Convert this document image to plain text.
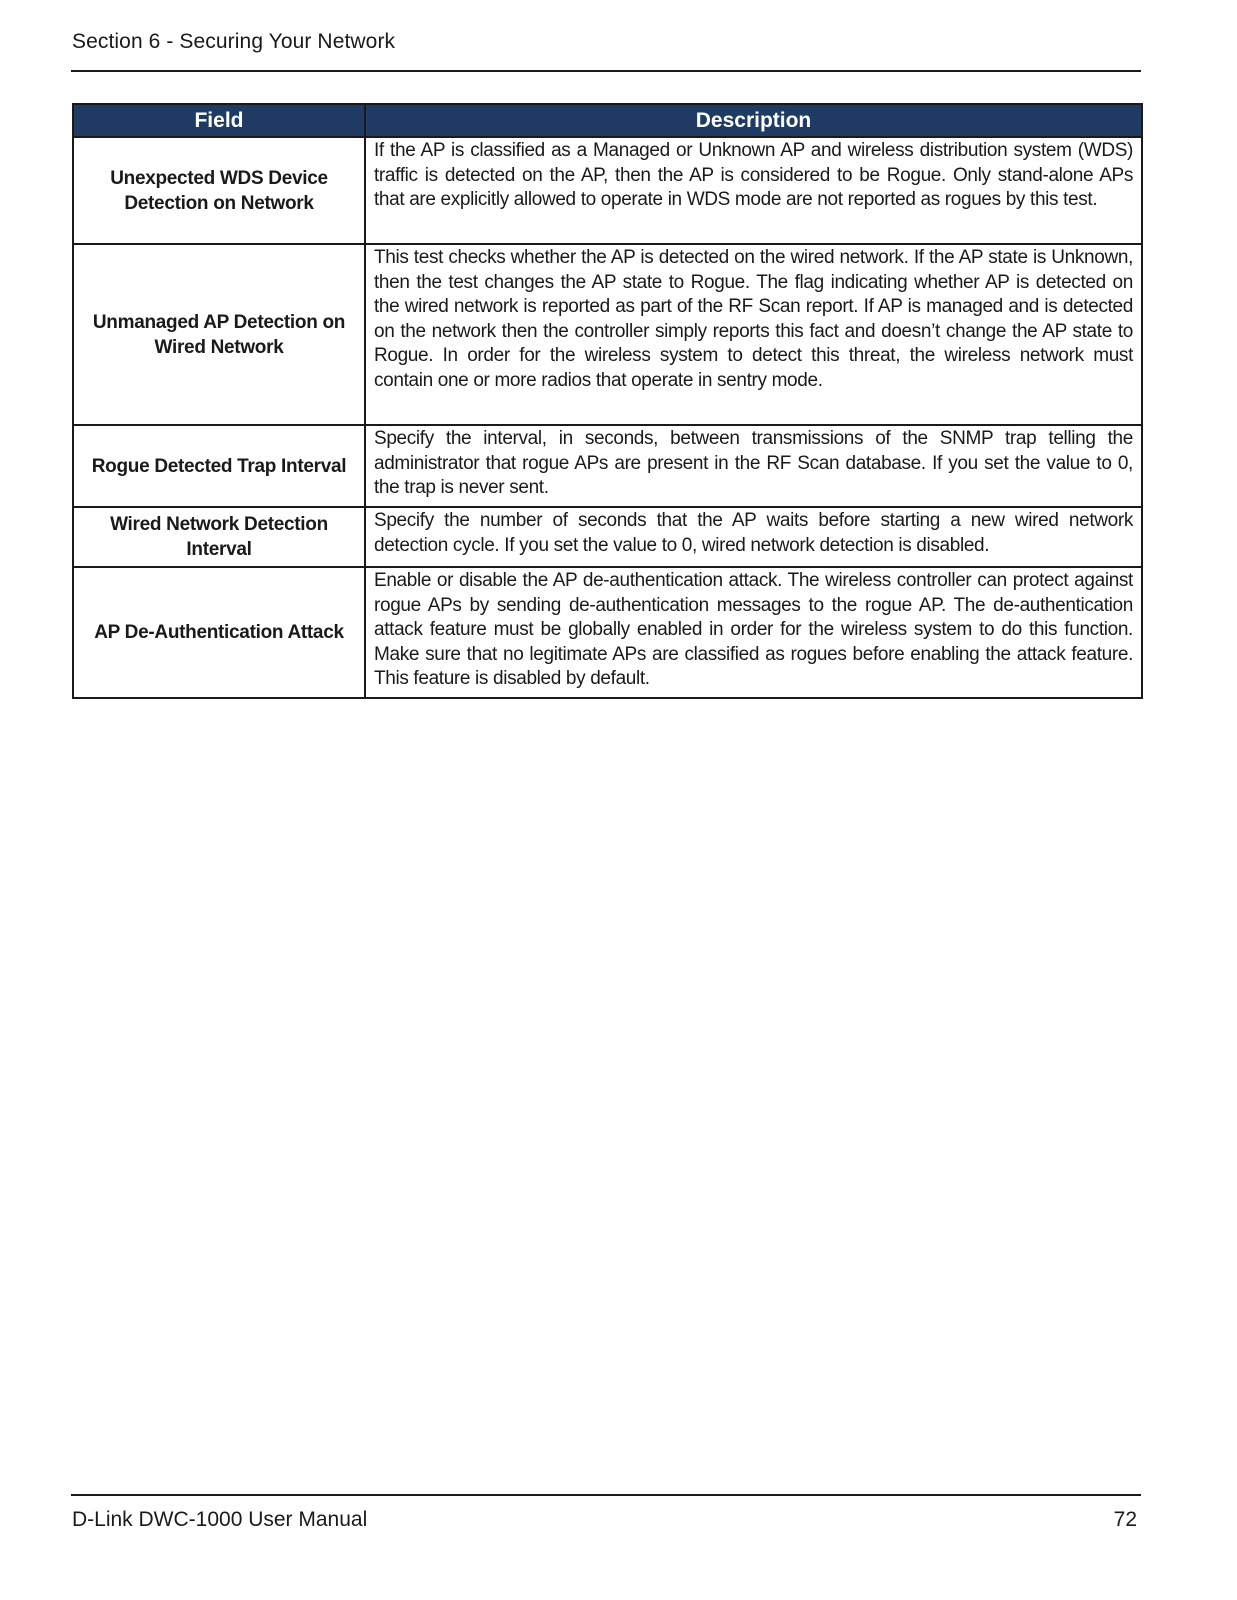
Section 6 - Securing Your Network
Field	Description
Unexpected WDS Device Detection on Network	If the AP is classified as a Managed or Unknown AP and wireless distribution system (WDS) traffic is detected on the AP, then the AP is considered to be Rogue. Only stand-alone APs that are explicitly allowed to operate in WDS mode are not reported as rogues by this test.
Unmanaged AP Detection on Wired Network	This test checks whether the AP is detected on the wired network. If the AP state is Unknown, then the test changes the AP state to Rogue. The flag indicating whether AP is detected on the wired network is reported as part of the RF Scan report. If AP is managed and is detected on the network then the controller simply reports this fact and doesn’t change the AP state to Rogue. In order for the wireless system to detect this threat, the wireless network must contain one or more radios that operate in sentry mode.
Rogue Detected Trap Interval	Specify the interval, in seconds, between transmissions of the SNMP trap telling the administrator that rogue APs are present in the RF Scan database. If you set the value to 0, the trap is never sent.
Wired Network Detection Interval	Specify the number of seconds that the AP waits before starting a new wired network detection cycle. If you set the value to 0, wired network detection is disabled.
AP De-Authentication Attack	Enable or disable the AP de-authentication attack. The wireless controller can protect against rogue APs by sending de-authentication messages to the rogue AP. The de-authentication attack feature must be globally enabled in order for the wireless system to do this function. Make sure that no legitimate APs are classified as rogues before enabling the attack feature. This feature is disabled by default.
D-Link DWC-1000 User Manual	72
